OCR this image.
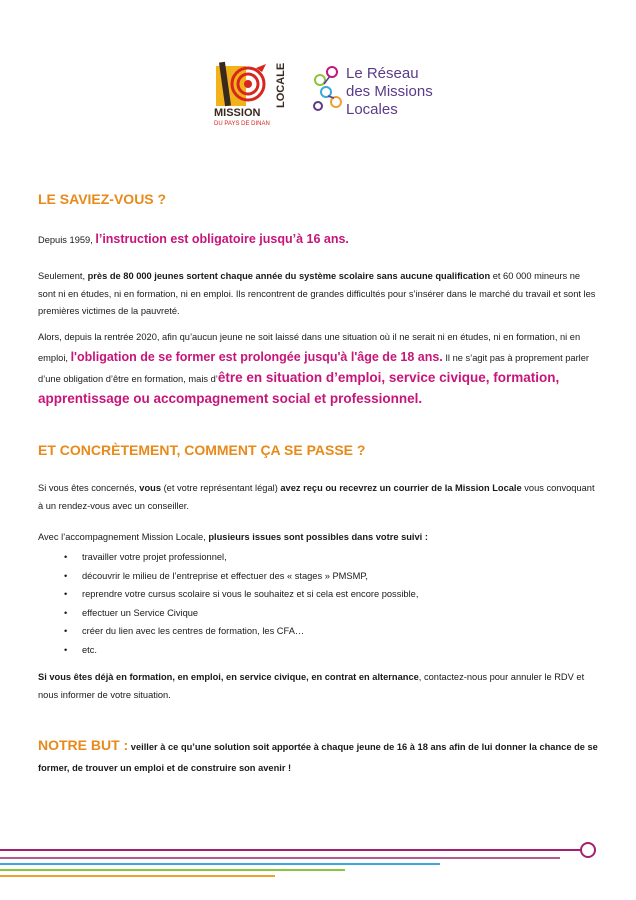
MISSION
LOCALE
DU PAYS DE DINAN
Le Réseau
des Missions
Locales
LE SAVIEZ-VOUS ?

Depuis 1959, l’instruction est obligatoire jusqu’à 16 ans.

Seulement, près de 80 000 jeunes sortent chaque année du système scolaire sans aucune qualification et 60 000 mineurs ne sont ni en études, ni en formation, ni en emploi. Ils rencontrent de grandes difficultés pour s’insérer dans le marché du travail et sont les premières victimes de la pauvreté.

Alors, depuis la rentrée 2020, afin qu’aucun jeune ne soit laissé dans une situation où il ne serait ni en études, ni en formation, ni en emploi, l'obligation de se former est prolongée jusqu'à l'âge de 18 ans. Il ne s’agit pas à proprement parler d’une obligation d’être en formation, mais d’être en situation d’emploi, service civique, formation, apprentissage ou accompagnement social et professionnel.

ET CONCRÈTEMENT, COMMENT ÇA SE PASSE ?

Si vous êtes concernés, vous (et votre représentant légal) avez reçu ou recevrez un courrier de la Mission Locale vous convoquant à un rendez-vous avec un conseiller.

Avec l’accompagnement Mission Locale, plusieurs issues sont possibles dans votre suivi :

• travailler votre projet professionnel,
• découvrir le milieu de l’entreprise et effectuer des « stages » PMSMP,
• reprendre votre cursus scolaire si vous le souhaitez et si cela est encore possible,
• effectuer un Service Civique
• créer du lien avec les centres de formation, les CFA…
• etc.

Si vous êtes déjà en formation, en emploi, en service civique, en contrat en alternance, contactez-nous pour annuler le RDV et nous informer de votre situation.

NOTRE BUT : veiller à ce qu’une solution soit apportée à chaque jeune de 16 à 18 ans afin de lui donner la chance de se former, de trouver un emploi et de construire son avenir !
